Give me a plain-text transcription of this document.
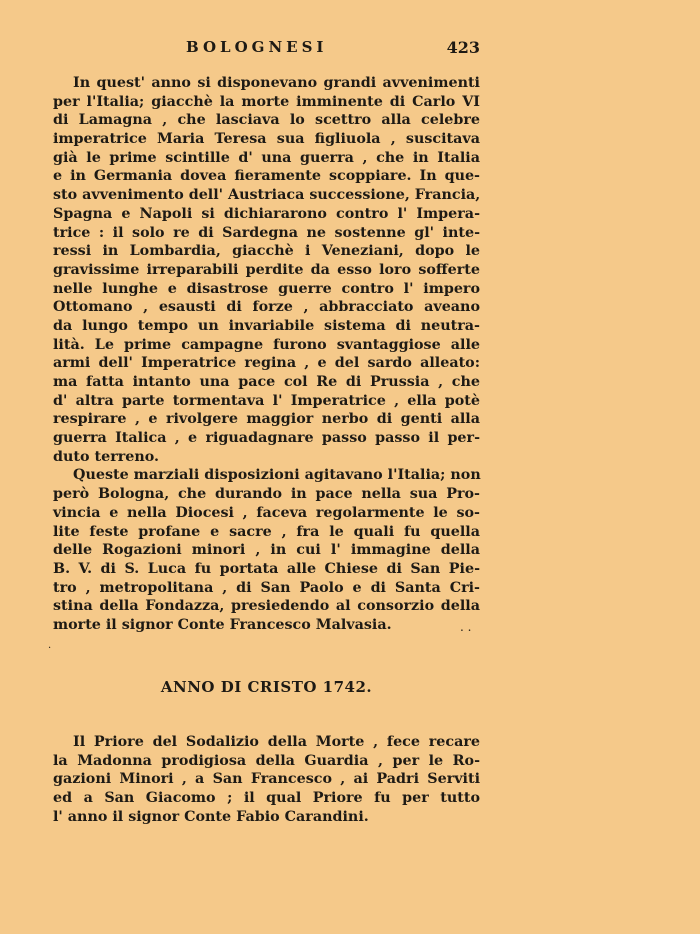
BOLOGNESI	423
In quest' anno si disponevano grandi avvenimenti
per l'Italia; giacchè la morte imminente di Carlo VI
di Lamagna , che lasciava lo scettro alla celebre
imperatrice Maria Teresa sua figliuola , suscitava
già le prime scintille d' una guerra , che in Italia
e in Germania dovea fieramente scoppiare. In que-
sto avvenimento dell' Austriaca successione, Francia,
Spagna e Napoli si dichiararono contro l' Impera-
trice : il solo re di Sardegna ne sostenne gl' inte-
ressi in Lombardia, giacchè i Veneziani, dopo le
gravissime irreparabili perdite da esso loro sofferte
nelle lunghe e disastrose guerre contro l' impero
Ottomano , esausti di forze , abbracciato aveano
da lungo tempo un invariabile sistema di neutra-
lità. Le prime campagne furono svantaggiose alle
armi dell' Imperatrice regina , e del sardo alleato:
ma fatta intanto una pace col Re di Prussia , che
d' altra parte tormentava l' Imperatrice , ella potè
respirare , e rivolgere maggior nerbo di genti alla
guerra Italica , e riguadagnare passo passo il per-
duto terreno.
Queste marziali disposizioni agitavano l'Italia; non
però Bologna, che durando in pace nella sua Pro-
vincia e nella Diocesi , faceva regolarmente le so-
lite feste profane e sacre , fra le quali fu quella
delle Rogazioni minori , in cui l' immagine della
B. V. di S. Luca fu portata alle Chiese di San Pie-
tro , metropolitana , di San Paolo e di Santa Cri-
stina della Fondazza, presiedendo al consorzio della
morte il signor Conte Francesco Malvasia.	. .
.
ANNO DI CRISTO 1742.
Il Priore del Sodalizio della Morte , fece recare
la Madonna prodigiosa della Guardia , per le Ro-
gazioni Minori , a San Francesco , ai Padri Serviti
ed a San Giacomo ; il qual Priore fu per tutto
l' anno il signor Conte Fabio Carandini.
